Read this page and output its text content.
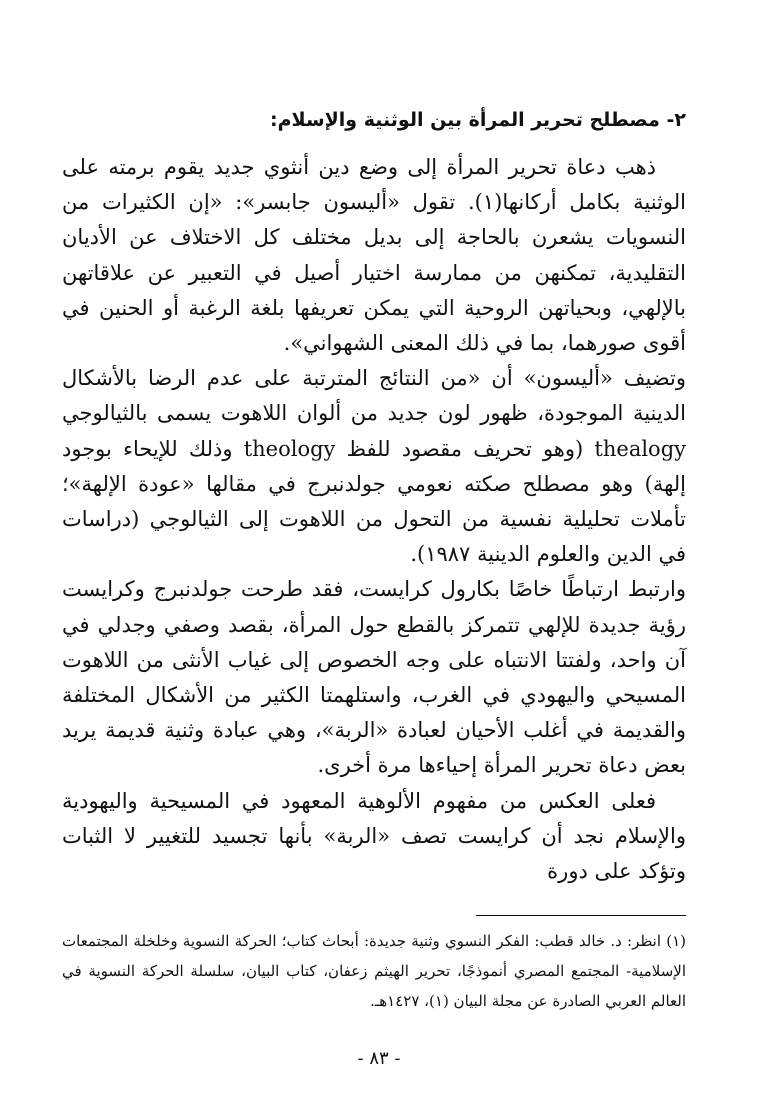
٢- مصطلح تحرير المرأة بين الوثنية والإسلام:

ذهب دعاة تحرير المرأة إلى وضع دين أنثوي جديد يقوم برمته على الوثنية بكامل أركانها(١). تقول «أليسون جابسر»: «إن الكثيرات من النسويات يشعرن بالحاجة إلى بديل مختلف كل الاختلاف عن الأديان التقليدية، تمكنهن من ممارسة اختيار أصيل في التعبير عن علاقاتهن بالإلهي، وبحياتهن الروحية التي يمكن تعريفها بلغة الرغبة أو الحنين في أقوى صورهما، بما في ذلك المعنى الشهواني».

وتضيف «أليسون» أن «من النتائج المترتبة على عدم الرضا بالأشكال الدينية الموجودة، ظهور لون جديد من ألوان اللاهوت يسمى بالثيالوجي thealogy (وهو تحريف مقصود للفظ theology وذلك للإيحاء بوجود إلهة) وهو مصطلح صكته نعومي جولدنبرج في مقالها «عودة الإلهة»؛ تأملات تحليلية نفسية من التحول من اللاهوت إلى الثيالوجي (دراسات في الدين والعلوم الدينية ١٩٨٧).

وارتبط ارتباطًا خاصًا بكارول كرايست، فقد طرحت جولدنبرج وكرايست رؤية جديدة للإلهي تتمركز بالقطع حول المرأة، بقصد وصفي وجدلي في آن واحد، ولفتتا الانتباه على وجه الخصوص إلى غياب الأنثى من اللاهوت المسيحي واليهودي في الغرب، واستلهمتا الكثير من الأشكال المختلفة والقديمة في أغلب الأحيان لعبادة «الربة»، وهي عبادة وثنية قديمة يريد بعض دعاة تحرير المرأة إحياءها مرة أخرى.

فعلى العكس من مفهوم الألوهية المعهود في المسيحية واليهودية والإسلام نجد أن كرايست تصف «الربة» بأنها تجسيد للتغيير لا الثبات وتؤكد على دورة

(١) انظر: د. خالد قطب: الفكر النسوي وثنية جديدة: أبحاث كتاب؛ الحركة النسوية وخلخلة المجتمعات الإسلامية- المجتمع المصري أنموذجًا، تحرير الهيثم زعفان، كتاب البيان، سلسلة الحركة النسوية في العالم العربي الصادرة عن مجلة البيان (١)، ١٤٢٧هـ.

- ٨٣ -
